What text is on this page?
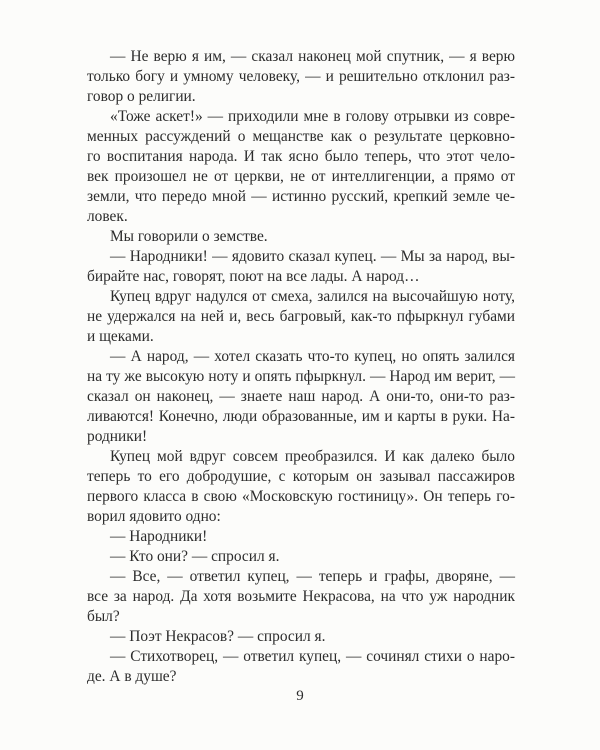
— Не верю я им, — сказал наконец мой спутник, — я верю

только богу и умному человеку, — и решительно отклонил раз-

говор о религии.

«Тоже аскет!» — приходили мне в голову отрывки из совре-

менных рассуждений о мещанстве как о результате церковно-

го воспитания народа. И так ясно было теперь, что этот чело-

век произошел не от церкви, не от интеллигенции, а прямо от

земли, что передо мной — истинно русский, крепкий земле че-

ловек.

Мы говорили о земстве.

— Народники! — ядовито сказал купец. — Мы за народ, вы-

бирайте нас, говорят, поют на все лады. А народ…

Купец вдруг надулся от смеха, залился на высочайшую ноту,

не удержался на ней и, весь багровый, как-то пфыркнул губами

и щеками.

— А народ, — хотел сказать что-то купец, но опять залился

на ту же высокую ноту и опять пфыркнул. — Народ им верит, —

сказал он наконец, — знаете наш народ. А они-то, они-то раз-

ливаются! Конечно, люди образованные, им и карты в руки. На-

родники!

Купец мой вдруг совсем преобразился. И как далеко было

теперь то его добродушие, с которым он зазывал пассажиров

первого класса в свою «Московскую гостиницу». Он теперь го-

ворил ядовито одно:

— Народники!

— Кто они? — спросил я.

— Все, — ответил купец, — теперь и графы, дворяне, —

все за народ. Да хотя возьмите Некрасова, на что уж народник

был?

— Поэт Некрасов? — спросил я.

— Стихотворец, — ответил купец, — сочинял стихи о наро-

де. А в душе?

9
